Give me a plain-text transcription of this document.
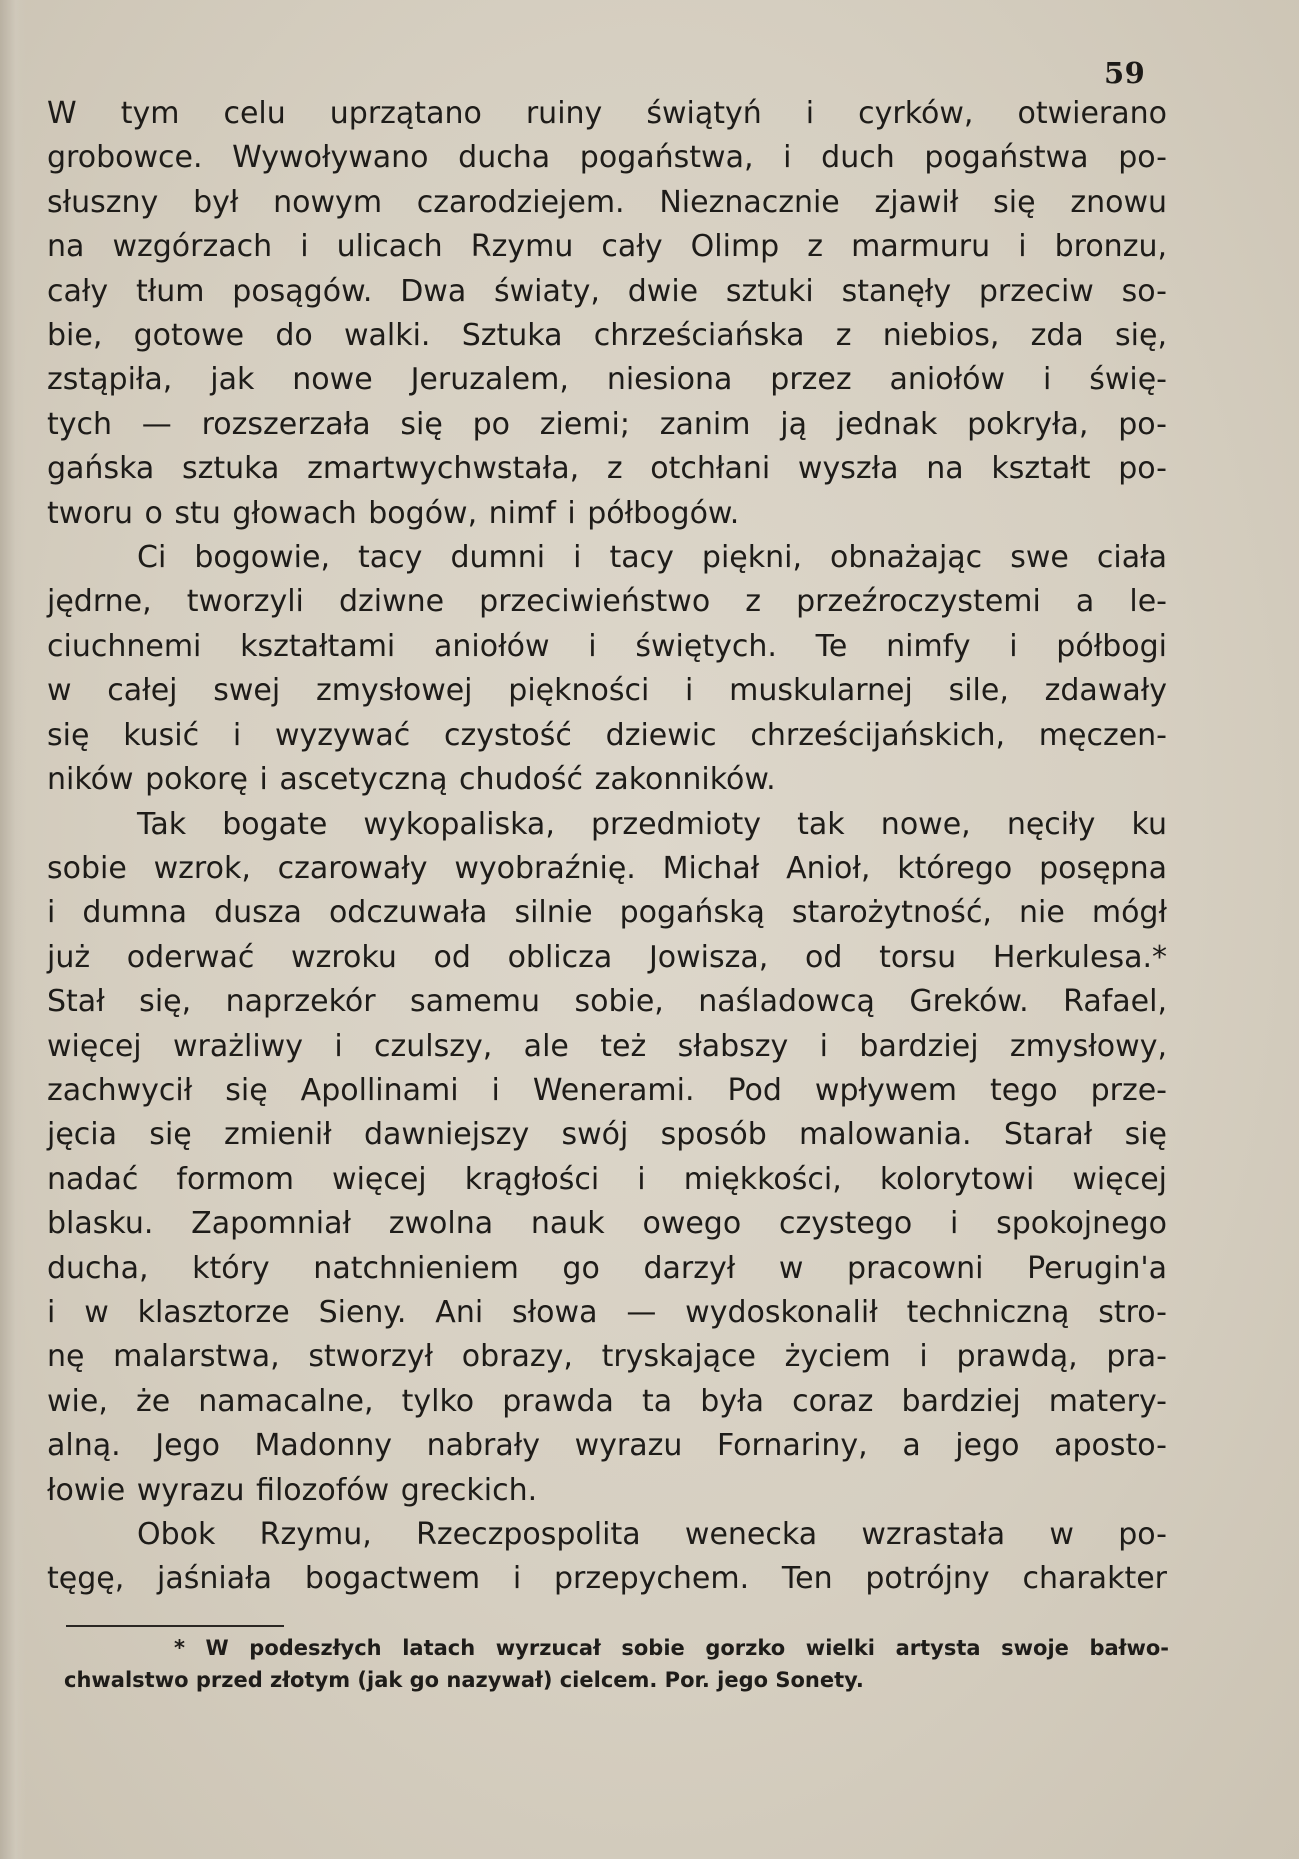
59
W tym celu uprzątano ruiny świątyń i cyrków, otwierano
grobowce. Wywoływano ducha pogaństwa, i duch pogaństwa po-
słuszny był nowym czarodziejem. Nieznacznie zjawił się znowu
na wzgórzach i ulicach Rzymu cały Olimp z marmuru i bronzu,
cały tłum posągów. Dwa światy, dwie sztuki stanęły przeciw so-
bie, gotowe do walki. Sztuka chrześciańska z niebios, zda się,
zstąpiła, jak nowe Jeruzalem, niesiona przez aniołów i świę-
tych — rozszerzała się po ziemi; zanim ją jednak pokryła, po-
gańska sztuka zmartwychwstała, z otchłani wyszła na kształt po-
tworu o stu głowach bogów, nimf i półbogów.
Ci bogowie, tacy dumni i tacy piękni, obnażając swe ciała
jędrne, tworzyli dziwne przeciwieństwo z przeźroczystemi a le-
ciuchnemi kształtami aniołów i świętych. Te nimfy i półbogi
w całej swej zmysłowej piękności i muskularnej sile, zdawały
się kusić i wyzywać czystość dziewic chrześcijańskich, męczen-
ników pokorę i ascetyczną chudość zakonników.
Tak bogate wykopaliska, przedmioty tak nowe, nęciły ku
sobie wzrok, czarowały wyobraźnię. Michał Anioł, którego posępna
i dumna dusza odczuwała silnie pogańską starożytność, nie mógł
już oderwać wzroku od oblicza Jowisza, od torsu Herkulesa.*
Stał się, naprzekór samemu sobie, naśladowcą Greków. Rafael,
więcej wrażliwy i czulszy, ale też słabszy i bardziej zmysłowy,
zachwycił się Apollinami i Wenerami. Pod wpływem tego prze-
jęcia się zmienił dawniejszy swój sposób malowania. Starał się
nadać formom więcej krągłości i miękkości, kolorytowi więcej
blasku. Zapomniał zwolna nauk owego czystego i spokojnego
ducha, który natchnieniem go darzył w pracowni Perugin'a
i w klasztorze Sieny. Ani słowa — wydoskonalił techniczną stro-
nę malarstwa, stworzył obrazy, tryskające życiem i prawdą, pra-
wie, że namacalne, tylko prawda ta była coraz bardziej matery-
alną. Jego Madonny nabrały wyrazu Fornariny, a jego aposto-
łowie wyrazu filozofów greckich.
Obok Rzymu, Rzeczpospolita wenecka wzrastała w po-
tęgę, jaśniała bogactwem i przepychem. Ten potrójny charakter
* W podeszłych latach wyrzucał sobie gorzko wielki artysta swoje bałwo-
chwalstwo przed złotym (jak go nazywał) cielcem. Por. jego Sonety.
